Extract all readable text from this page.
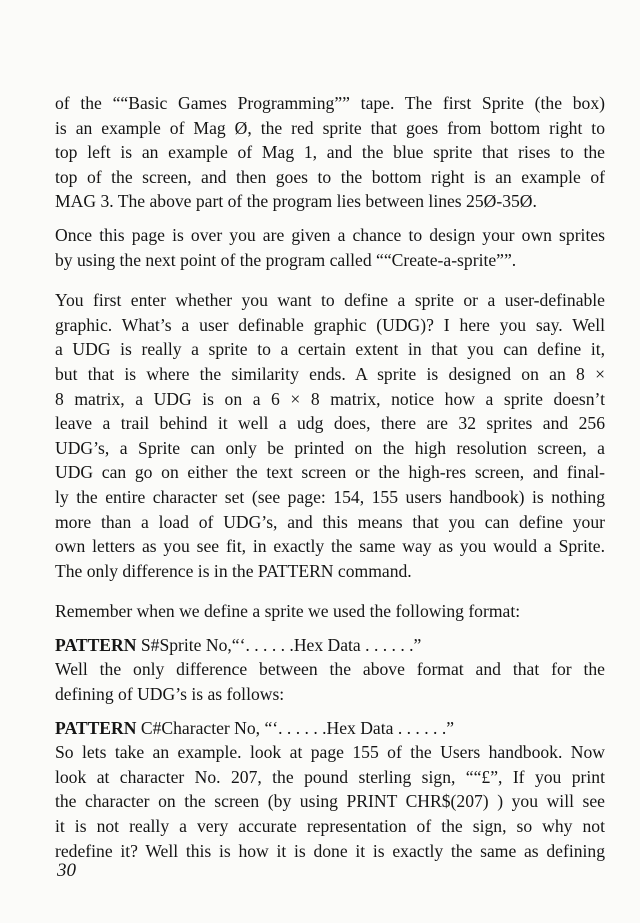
of the ““Basic Games Programming”” tape. The first Sprite (the box)
is an example of Mag Ø, the red sprite that goes from bottom right to
top left is an example of Mag 1, and the blue sprite that rises to the
top of the screen, and then goes to the bottom right is an example of
MAG 3. The above part of the program lies between lines 25Ø-35Ø.

Once this page is over you are given a chance to design your own sprites
by using the next point of the program called ““Create-a-sprite””.

You first enter whether you want to define a sprite or a user-definable
graphic. What’s a user definable graphic (UDG)? I here you say. Well
a UDG is really a sprite to a certain extent in that you can define it,
but that is where the similarity ends. A sprite is designed on an 8 ×
8 matrix, a UDG is on a 6 × 8 matrix, notice how a sprite doesn’t
leave a trail behind it well a udg does, there are 32 sprites and 256
UDG’s, a Sprite can only be printed on the high resolution screen, a
UDG can go on either the text screen or the high-res screen, and final-
ly the entire character set (see page: 154, 155 users handbook) is nothing
more than a load of UDG’s, and this means that you can define your
own letters as you see fit, in exactly the same way as you would a Sprite.
The only difference is in the PATTERN command.

Remember when we define a sprite we used the following format:

PATTERN S#Sprite No,“‘. . . . . .Hex Data . . . . . .”

Well the only difference between the above format and that for the
defining of UDG’s is as follows:

PATTERN C#Character No, “‘. . . . . .Hex Data . . . . . .”

So lets take an example. look at page 155 of the Users handbook. Now
look at character No. 207, the pound sterling sign, ““£”, If you print
the character on the screen (by using PRINT CHR$(207) ) you will see
it is not really a very accurate representation of the sign, so why not
redefine it? Well this is how it is done it is exactly the same as defining

30
